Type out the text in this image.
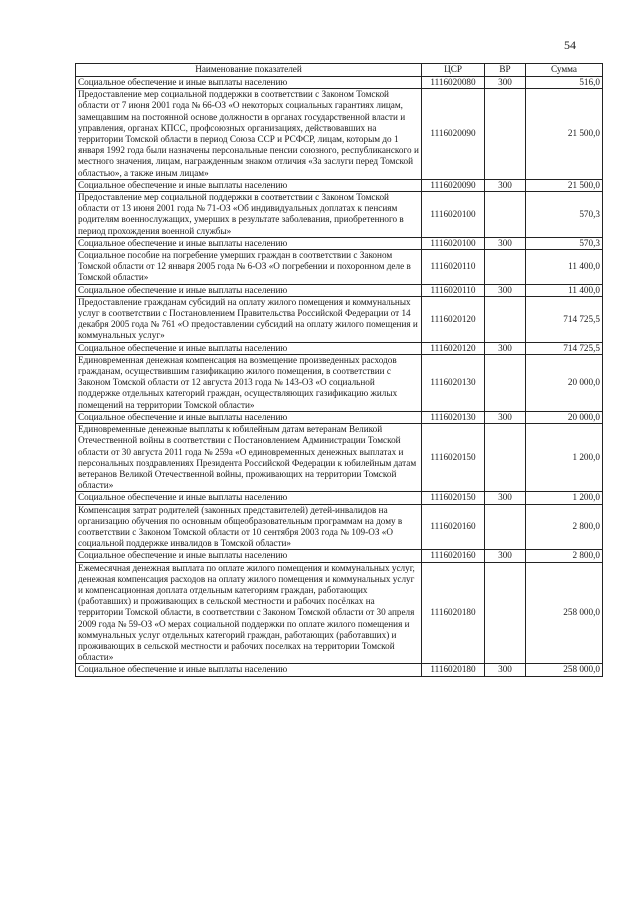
54
Наименование показателей	ЦСР	ВР	Сумма
Социальное обеспечение и иные выплаты населению	1116020080	300	516,0
Предоставление мер социальной поддержки в соответствии с Законом Томской области от 7 июня 2001 года № 66-ОЗ «О некоторых социальных гарантиях лицам, замещавшим на постоянной основе должности в органах государственной власти и управления, органах КПСС, профсоюзных организациях, действовавших на территории Томской области в период Союза ССР и РСФСР, лицам, которым до 1 января 1992 года были назначены персональные пенсии союзного, республиканского и местного значения, лицам, награжденным знаком отличия «За заслуги перед Томской областью», а также иным лицам»	1116020090		21 500,0
Социальное обеспечение и иные выплаты населению	1116020090	300	21 500,0
Предоставление мер социальной поддержки в соответствии с Законом Томской области от 13 июня 2001 года № 71-ОЗ «Об индивидуальных доплатах к пенсиям родителям военнослужащих, умерших в результате заболевания, приобретенного в период прохождения военной службы»	1116020100		570,3
Социальное обеспечение и иные выплаты населению	1116020100	300	570,3
Социальное пособие на погребение умерших граждан в соответствии с Законом Томской области от 12 января 2005 года № 6-ОЗ «О погребении и похоронном деле в Томской области»	1116020110		11 400,0
Социальное обеспечение и иные выплаты населению	1116020110	300	11 400,0
Предоставление гражданам субсидий на оплату жилого помещения и коммунальных услуг в соответствии с Постановлением Правительства Российской Федерации от 14 декабря 2005 года № 761 «О предоставлении субсидий на оплату жилого помещения и коммунальных услуг»	1116020120		714 725,5
Социальное обеспечение и иные выплаты населению	1116020120	300	714 725,5
Единовременная денежная компенсация на возмещение произведенных расходов гражданам, осуществившим газификацию жилого помещения, в соответствии с Законом Томской области от 12 августа 2013 года № 143-ОЗ «О социальной поддержке отдельных категорий граждан, осуществляющих газификацию жилых помещений на территории Томской области»	1116020130		20 000,0
Социальное обеспечение и иные выплаты населению	1116020130	300	20 000,0
Единовременные денежные выплаты к юбилейным датам ветеранам Великой Отечественной войны в соответствии с Постановлением Администрации Томской области от 30 августа 2011 года № 259а «О единовременных денежных выплатах и персональных поздравлениях Президента Российской Федерации к юбилейным датам ветеранов Великой Отечественной войны, проживающих на территории Томской области»	1116020150		1 200,0
Социальное обеспечение и иные выплаты населению	1116020150	300	1 200,0
Компенсация затрат родителей (законных представителей) детей-инвалидов на организацию обучения по основным общеобразовательным программам на дому в соответствии с Законом Томской области от 10 сентября 2003 года № 109-ОЗ «О социальной поддержке инвалидов в Томской области»	1116020160		2 800,0
Социальное обеспечение и иные выплаты населению	1116020160	300	2 800,0
Ежемесячная денежная выплата по оплате жилого помещения и коммунальных услуг, денежная компенсация расходов на оплату жилого помещения и коммунальных услуг и компенсационная доплата отдельным категориям граждан, работающих (работавших) и проживающих в сельской местности и рабочих посёлках на территории Томской области, в соответствии с Законом Томской области от 30 апреля 2009 года № 59-ОЗ «О мерах социальной поддержки по оплате жилого помещения и коммунальных услуг отдельных категорий граждан, работающих (работавших) и проживающих в сельской местности и рабочих поселках на территории Томской области»	1116020180		258 000,0
Социальное обеспечение и иные выплаты населению	1116020180	300	258 000,0
